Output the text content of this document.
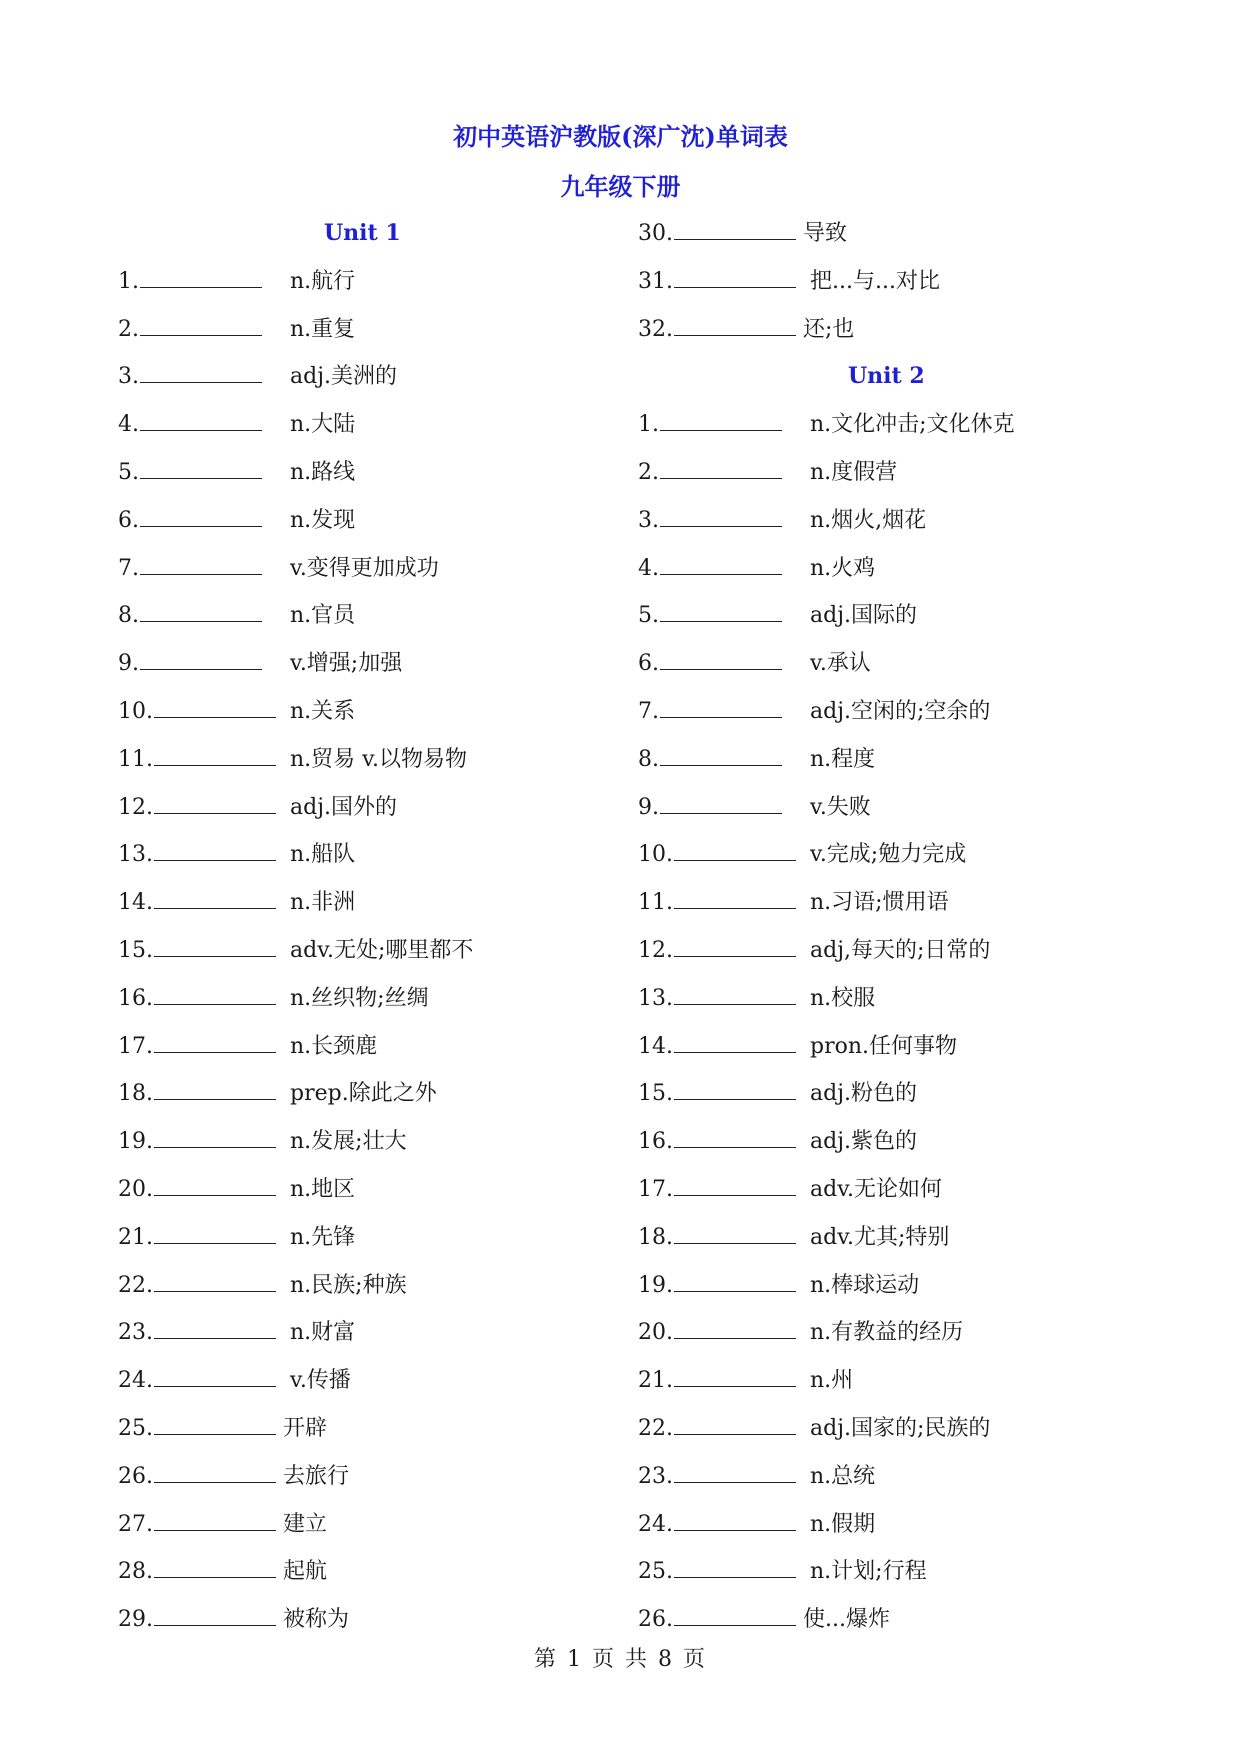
初中英语沪教版(深广沈)单词表
九年级下册
Unit 1
1.	n.航行
2.	n.重复
3.	adj.美洲的
4.	n.大陆
5.	n.路线
6.	n.发现
7.	v.变得更加成功
8.	n.官员
9.	v.增强;加强
10.	n.关系
11.	n.贸易 v.以物易物
12.	adj.国外的
13.	n.船队
14.	n.非洲
15.	adv.无处;哪里都不
16.	n.丝织物;丝绸
17.	n.长颈鹿
18.	prep.除此之外
19.	n.发展;壮大
20.	n.地区
21.	n.先锋
22.	n.民族;种族
23.	n.财富
24.	v.传播
25.	开辟
26.	去旅行
27.	建立
28.	起航
29.	被称为
30.	导致
31.	把...与...对比
32.	还;也
Unit 2
1.	n.文化冲击;文化休克
2.	n.度假营
3.	n.烟火,烟花
4.	n.火鸡
5.	adj.国际的
6.	v.承认
7.	adj.空闲的;空余的
8.	n.程度
9.	v.失败
10.	v.完成;勉力完成
11.	n.习语;惯用语
12.	adj,每天的;日常的
13.	n.校服
14.	pron.任何事物
15.	adj.粉色的
16.	adj.紫色的
17.	adv.无论如何
18.	adv.尤其;特别
19.	n.棒球运动
20.	n.有教益的经历
21.	n.州
22.	adj.国家的;民族的
23.	n.总统
24.	n.假期
25.	n.计划;行程
26.	使...爆炸
第 1 页 共 8 页
